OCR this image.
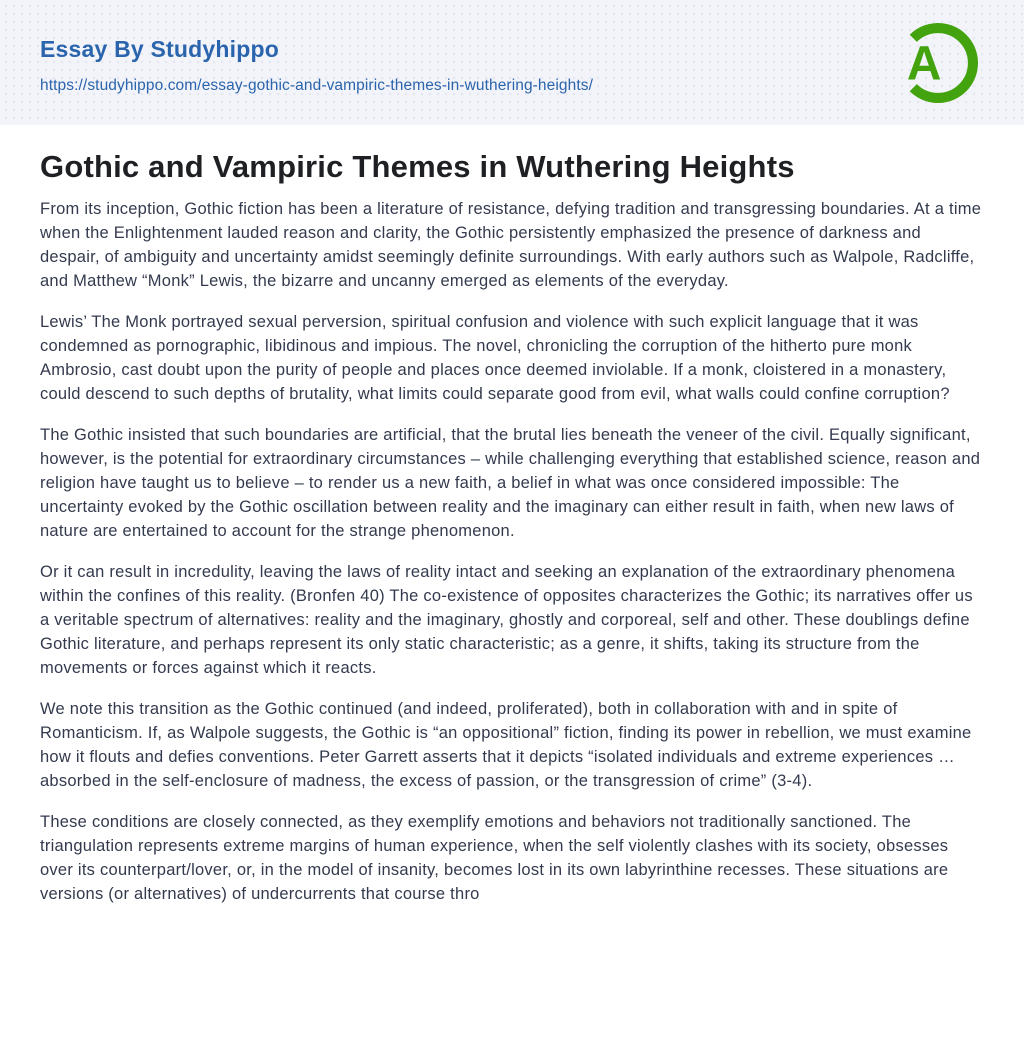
Essay By Studyhippo
https://studyhippo.com/essay-gothic-and-vampiric-themes-in-wuthering-heights/	A
Gothic and Vampiric Themes in Wuthering Heights

From its inception, Gothic fiction has been a literature of resistance, defying tradition and transgressing boundaries. At a time when the Enlightenment lauded reason and clarity, the Gothic persistently emphasized the presence of darkness and despair, of ambiguity and uncertainty amidst seemingly definite surroundings. With early authors such as Walpole, Radcliffe, and Matthew “Monk” Lewis, the bizarre and uncanny emerged as elements of the everyday.

Lewis’ The Monk portrayed sexual perversion, spiritual confusion and violence with such explicit language that it was condemned as pornographic, libidinous and impious. The novel, chronicling the corruption of the hitherto pure monk Ambrosio, cast doubt upon the purity of people and places once deemed inviolable. If a monk, cloistered in a monastery, could descend to such depths of brutality, what limits could separate good from evil, what walls could confine corruption?

The Gothic insisted that such boundaries are artificial, that the brutal lies beneath the veneer of the civil. Equally significant, however, is the potential for extraordinary circumstances – while challenging everything that established science, reason and religion have taught us to believe – to render us a new faith, a belief in what was once considered impossible: The uncertainty evoked by the Gothic oscillation between reality and the imaginary can either result in faith, when new laws of nature are entertained to account for the strange phenomenon.

Or it can result in incredulity, leaving the laws of reality intact and seeking an explanation of the extraordinary phenomena within the confines of this reality. (Bronfen 40) The co-existence of opposites characterizes the Gothic; its narratives offer us a veritable spectrum of alternatives: reality and the imaginary, ghostly and corporeal, self and other. These doublings define Gothic literature, and perhaps represent its only static characteristic; as a genre, it shifts, taking its structure from the movements or forces against which it reacts.

We note this transition as the Gothic continued (and indeed, proliferated), both in collaboration with and in spite of Romanticism. If, as Walpole suggests, the Gothic is “an oppositional” fiction, finding its power in rebellion, we must examine how it flouts and defies conventions. Peter Garrett asserts that it depicts “isolated individuals and extreme experiences … absorbed in the self-enclosure of madness, the excess of passion, or the transgression of crime” (3-4).

These conditions are closely connected, as they exemplify emotions and behaviors not traditionally sanctioned. The triangulation represents extreme margins of human experience, when the self violently clashes with its society, obsesses over its counterpart/lover, or, in the model of insanity, becomes lost in its own labyrinthine recesses. These situations are versions (or alternatives) of undercurrents that course thro
